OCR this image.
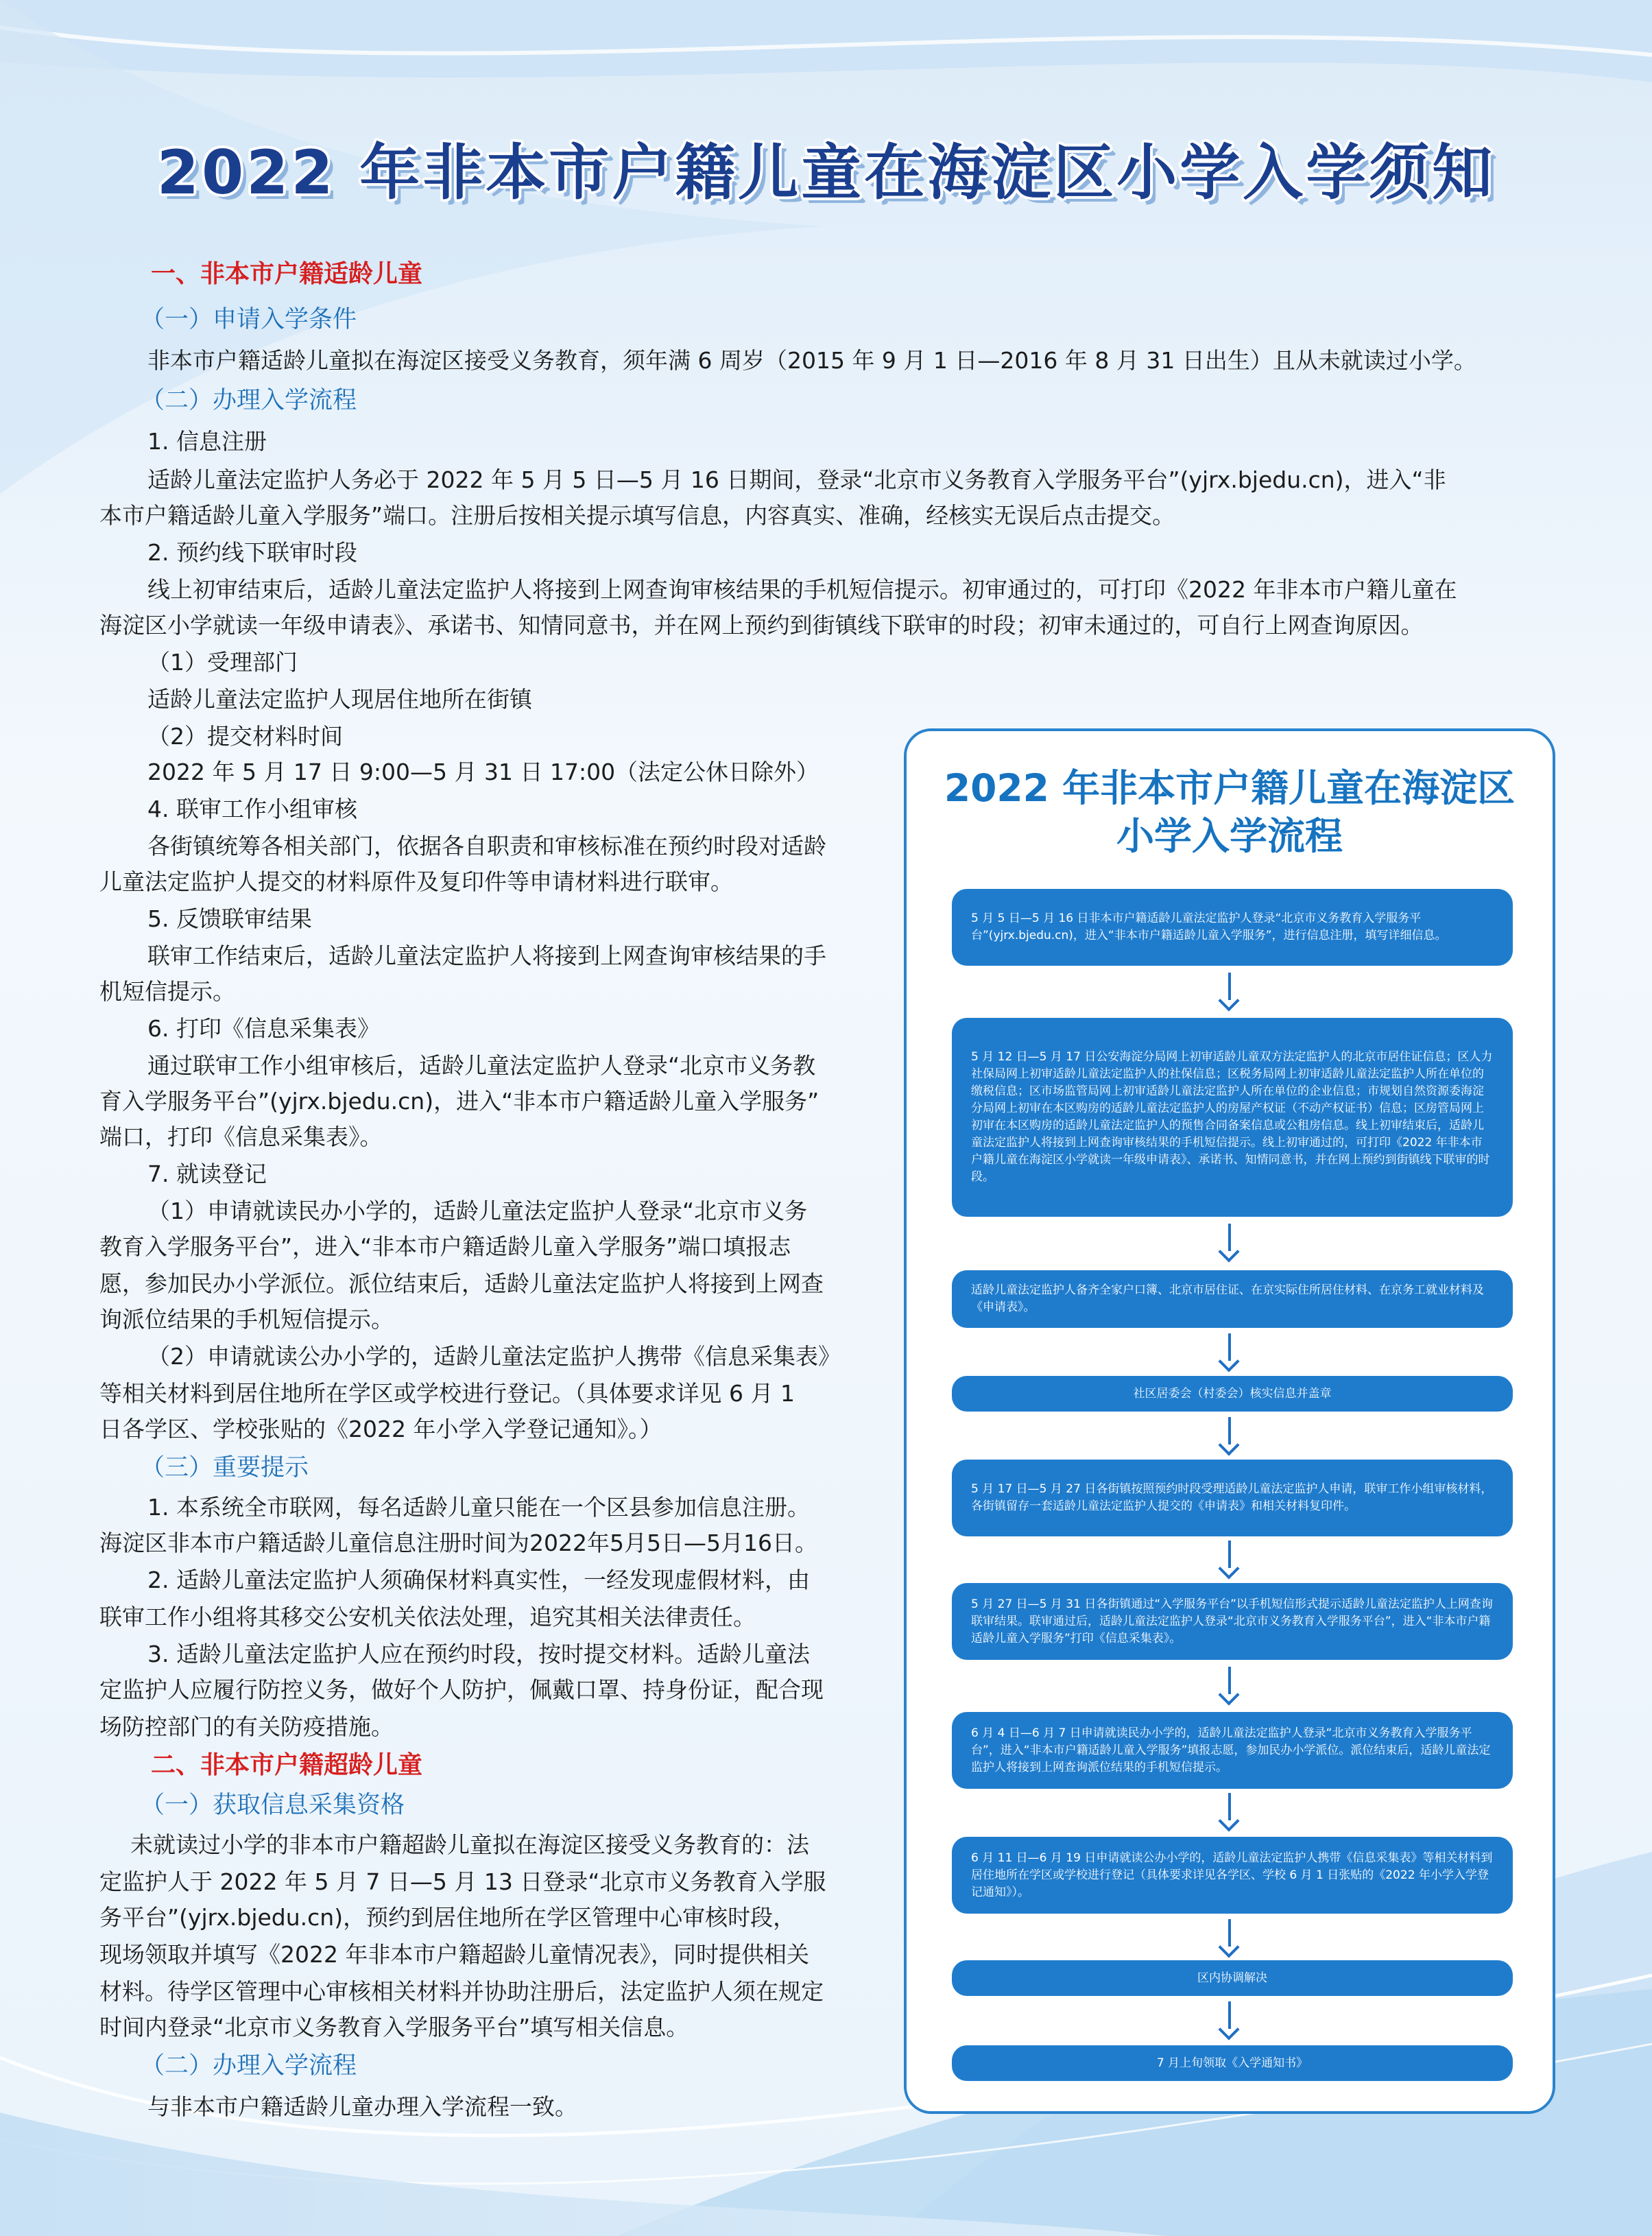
2022 年非本市户籍儿童在海淀区小学入学须知
一、非本市户籍适龄儿童
（一）申请入学条件
非本市户籍适龄儿童拟在海淀区接受义务教育，须年满 6 周岁（2015 年 9 月 1 日—2016 年 8 月 31 日出生）且从未就读过小学。
（二）办理入学流程
1. 信息注册
适龄儿童法定监护人务必于 2022 年 5 月 5 日—5 月 16 日期间，登录“北京市义务教育入学服务平台”(yjrx.bjedu.cn)，进入“非
本市户籍适龄儿童入学服务”端口。注册后按相关提示填写信息，内容真实、准确，经核实无误后点击提交。
2. 预约线下联审时段
线上初审结束后，适龄儿童法定监护人将接到上网查询审核结果的手机短信提示。初审通过的，可打印《2022 年非本市户籍儿童在
海淀区小学就读一年级申请表》、承诺书、知情同意书，并在网上预约到街镇线下联审的时段；初审未通过的，可自行上网查询原因。
（1）受理部门
适龄儿童法定监护人现居住地所在街镇
（2）提交材料时间
2022 年 5 月 17 日 9:00—5 月 31 日 17:00（法定公休日除外）
4. 联审工作小组审核
各街镇统筹各相关部门，依据各自职责和审核标准在预约时段对适龄
儿童法定监护人提交的材料原件及复印件等申请材料进行联审。
5. 反馈联审结果
联审工作结束后，适龄儿童法定监护人将接到上网查询审核结果的手
机短信提示。
6. 打印《信息采集表》
通过联审工作小组审核后，适龄儿童法定监护人登录“北京市义务教
育入学服务平台”(yjrx.bjedu.cn)，进入“非本市户籍适龄儿童入学服务”
端口，打印《信息采集表》。
7. 就读登记
（1）申请就读民办小学的，适龄儿童法定监护人登录“北京市义务
教育入学服务平台”，进入“非本市户籍适龄儿童入学服务”端口填报志
愿，参加民办小学派位。派位结束后，适龄儿童法定监护人将接到上网查
询派位结果的手机短信提示。
（2）申请就读公办小学的，适龄儿童法定监护人携带《信息采集表》
等相关材料到居住地所在学区或学校进行登记。（具体要求详见 6 月 1
日各学区、学校张贴的《2022 年小学入学登记通知》。）
（三）重要提示
1. 本系统全市联网，每名适龄儿童只能在一个区县参加信息注册。
海淀区非本市户籍适龄儿童信息注册时间为2022年5月5日—5月16日。
2. 适龄儿童法定监护人须确保材料真实性，一经发现虚假材料，由
联审工作小组将其移交公安机关依法处理，追究其相关法律责任。
3. 适龄儿童法定监护人应在预约时段，按时提交材料。适龄儿童法
定监护人应履行防控义务，做好个人防护，佩戴口罩、持身份证，配合现
场防控部门的有关防疫措施。
二、非本市户籍超龄儿童
（一）获取信息采集资格
未就读过小学的非本市户籍超龄儿童拟在海淀区接受义务教育的：法
定监护人于 2022 年 5 月 7 日—5 月 13 日登录“北京市义务教育入学服
务平台”(yjrx.bjedu.cn)，预约到居住地所在学区管理中心审核时段，
现场领取并填写《2022 年非本市户籍超龄儿童情况表》，同时提供相关
材料。待学区管理中心审核相关材料并协助注册后，法定监护人须在规定
时间内登录“北京市义务教育入学服务平台”填写相关信息。
（二）办理入学流程
与非本市户籍适龄儿童办理入学流程一致。
2022 年非本市户籍儿童在海淀区
小学入学流程
5 月 5 日—5 月 16 日非本市户籍适龄儿童法定监护人登录“北京市义务教育入学服务平台”(yjrx.bjedu.cn)，进入“非本市户籍适龄儿童入学服务”，进行信息注册，填写详细信息。
5 月 12 日—5 月 17 日公安海淀分局网上初审适龄儿童双方法定监护人的北京市居住证信息；区人力社保局网上初审适龄儿童法定监护人的社保信息；区税务局网上初审适龄儿童法定监护人所在单位的缴税信息；区市场监管局网上初审适龄儿童法定监护人所在单位的企业信息；市规划自然资源委海淀分局网上初审在本区购房的适龄儿童法定监护人的房屋产权证（不动产权证书）信息；区房管局网上初审在本区购房的适龄儿童法定监护人的预售合同备案信息或公租房信息。线上初审结束后，适龄儿童法定监护人将接到上网查询审核结果的手机短信提示。线上初审通过的，可打印《2022 年非本市户籍儿童在海淀区小学就读一年级申请表》、承诺书、知情同意书，并在网上预约到街镇线下联审的时段。
适龄儿童法定监护人备齐全家户口簿、北京市居住证、在京实际住所居住材料、在京务工就业材料及《申请表》。
社区居委会（村委会）核实信息并盖章
5 月 17 日—5 月 27 日各街镇按照预约时段受理适龄儿童法定监护人申请，联审工作小组审核材料，各街镇留存一套适龄儿童法定监护人提交的《申请表》和相关材料复印件。
5 月 27 日—5 月 31 日各街镇通过“入学服务平台”以手机短信形式提示适龄儿童法定监护人上网查询联审结果。联审通过后，适龄儿童法定监护人登录“北京市义务教育入学服务平台”，进入“非本市户籍适龄儿童入学服务”打印《信息采集表》。
6 月 4 日—6 月 7 日申请就读民办小学的，适龄儿童法定监护人登录“北京市义务教育入学服务平台”，进入“非本市户籍适龄儿童入学服务”填报志愿，参加民办小学派位。派位结束后，适龄儿童法定监护人将接到上网查询派位结果的手机短信提示。
6 月 11 日—6 月 19 日申请就读公办小学的，适龄儿童法定监护人携带《信息采集表》等相关材料到居住地所在学区或学校进行登记（具体要求详见各学区、学校 6 月 1 日张贴的《2022 年小学入学登记通知》）。
区内协调解决
7 月上旬领取《入学通知书》
